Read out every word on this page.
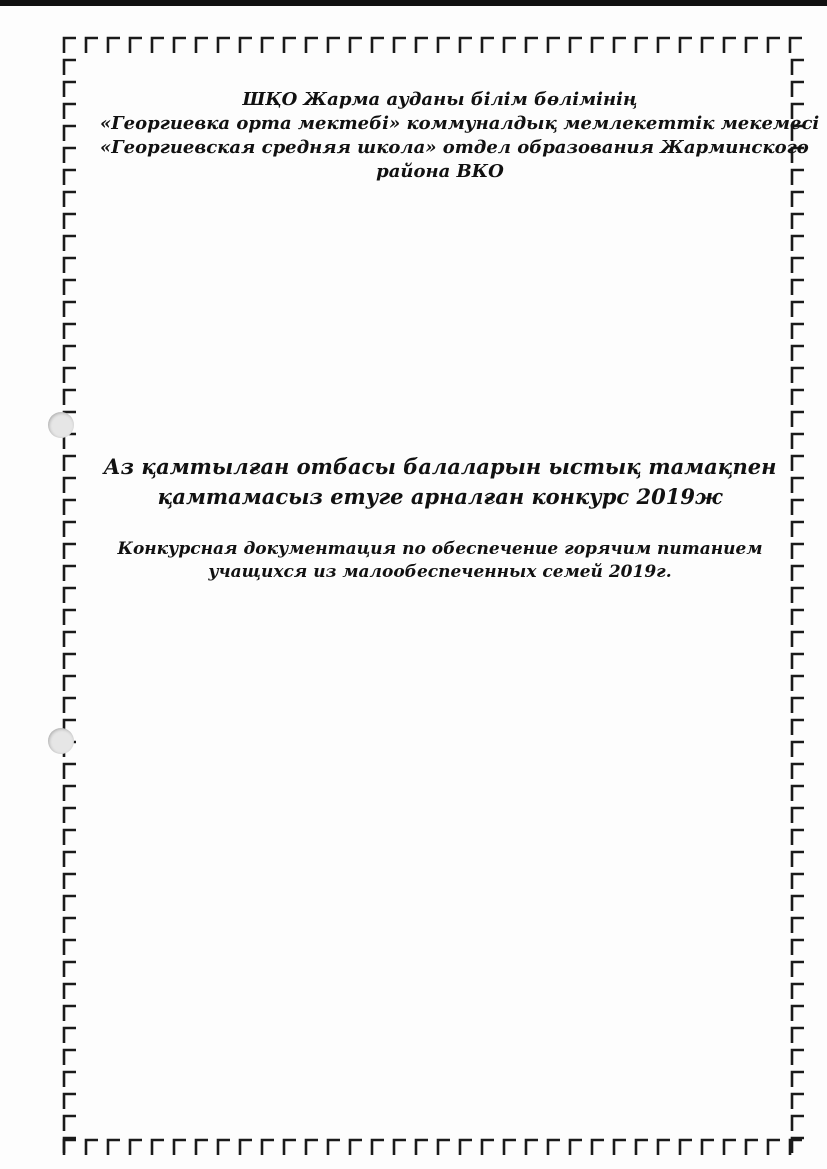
ШҚО Жарма ауданы білім бөлімінің
«Георгиевка орта мектебі» коммуналдық мемлекеттік мекемесі
«Георгиевская средняя школа» отдел образования Жарминского
района ВКО
Аз қамтылған отбасы балаларын ыстық тамақпен
қамтамасыз етуге арналған конкурс 2019ж
Конкурсная документация по обеспечение горячим питанием
учащихся из малообеспеченных семей 2019г.
